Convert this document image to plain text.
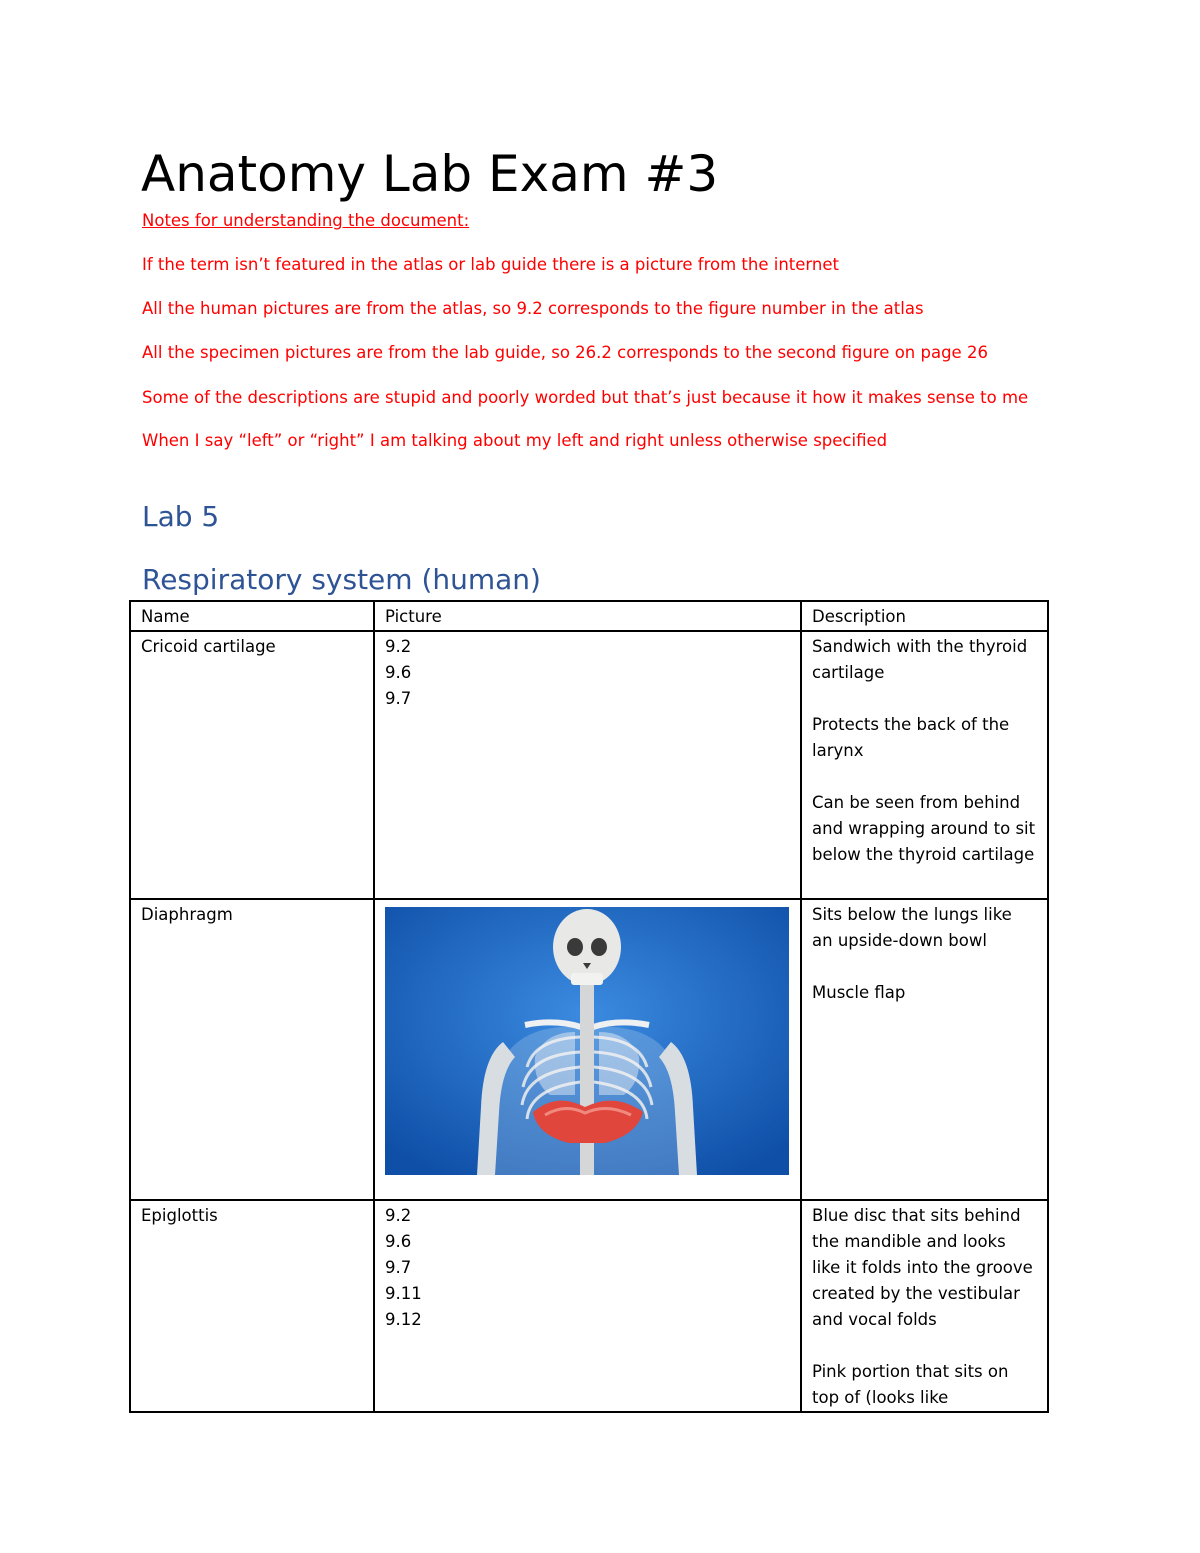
Anatomy Lab Exam #3

Notes for understanding the document:

If the term isn’t featured in the atlas or lab guide there is a picture from the internet

All the human pictures are from the atlas, so 9.2 corresponds to the figure number in the atlas

All the specimen pictures are from the lab guide, so 26.2 corresponds to the second figure on page 26

Some of the descriptions are stupid and poorly worded but that’s just because it how it makes sense to me

When I say “left” or “right” I am talking about my left and right unless otherwise specified

Lab 5
Respiratory system (human)
Name	Picture	Description
Cricoid cartilage	9.2
9.6
9.7	Sandwich with the thyroid cartilage
Protects the back of the larynx
Can be seen from behind and wrapping around to sit below the thyroid cartilage

Diaphragm		Sits below the lungs like an upside-down bowl
Muscle flap

Epiglottis	9.2
9.6
9.7
9.11
9.12	Blue disc that sits behind the mandible and looks like it folds into the groove created by the vestibular and vocal folds
Pink portion that sits on top of (looks like
